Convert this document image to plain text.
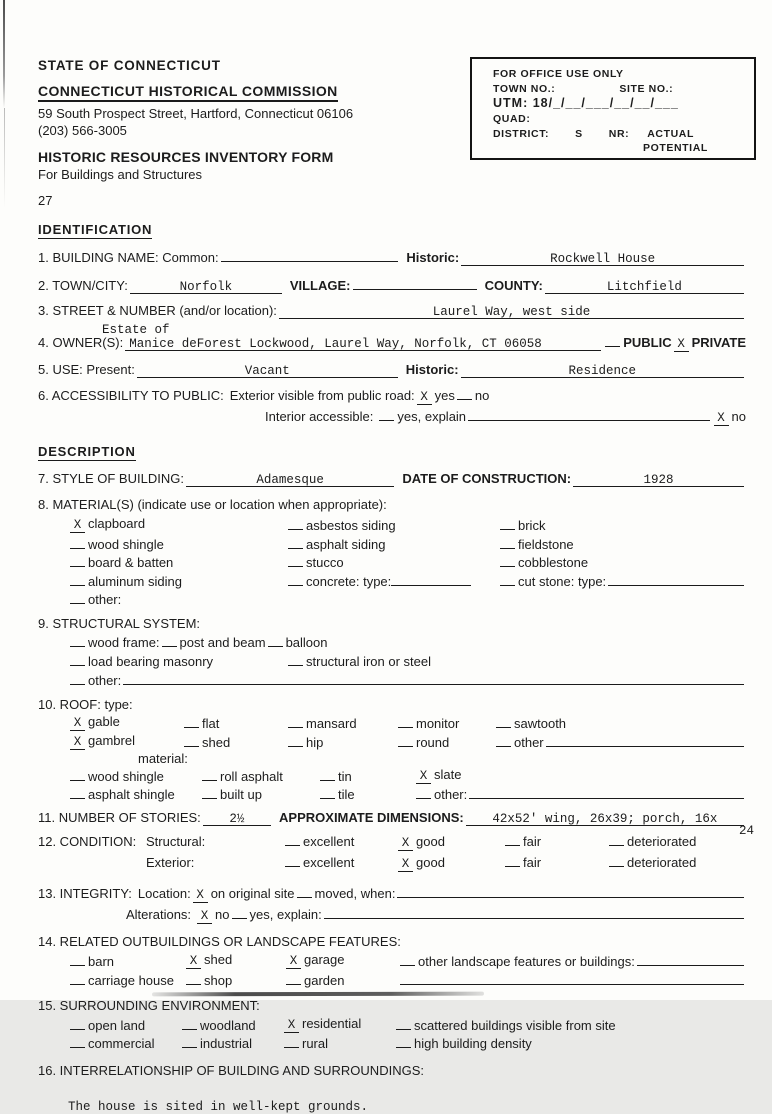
FOR OFFICE USE ONLY
TOWN NO.:	SITE NO.:
UTM: 18/_/__/___/__/__/___
QUAD:
DISTRICT: S NR: ACTUAL
POTENTIAL
STATE OF CONNECTICUT
CONNECTICUT HISTORICAL COMMISSION
59 South Prospect Street, Hartford, Connecticut 06106
(203) 566-3005
HISTORIC RESOURCES INVENTORY FORM
For Buildings and Structures
27
IDENTIFICATION
1. BUILDING NAME: Common:	Historic:	Rockwell House
2. TOWN/CITY:	Norfolk	VILLAGE:	COUNTY:	Litchfield
3. STREET & NUMBER (and/or location):	Laurel Way, west side
Estate of
4. OWNER(S): Manice deForest Lockwood, Laurel Way, Norfolk, CT 06058	PUBLIC X PRIVATE
5. USE: Present:	Vacant	Historic:	Residence
6. ACCESSIBILITY TO PUBLIC: Exterior visible from public road: X yes no
Interior accessible: yes, explain	X no
DESCRIPTION
7. STYLE OF BUILDING:	Adamesque	DATE OF CONSTRUCTION:	1928
8. MATERIAL(S) (indicate use or location when appropriate):
X clapboard	asbestos siding	brick
wood shingle	asphalt siding	fieldstone
board & batten	stucco	cobblestone
aluminum siding	concrete: type:	cut stone: type:
other:
9. STRUCTURAL SYSTEM:
wood frame: post and beam balloon
load bearing masonry	structural iron or steel
other:
10. ROOF: type:
X gable	flat	mansard	monitor	sawtooth
X gambrel	shed	hip	round	other
material:
wood shingle	roll asphalt	tin	X slate
asphalt shingle	built up	tile	other:
11. NUMBER OF STORIES:	2½	APPROXIMATE DIMENSIONS:	42x52' wing, 26x39; porch, 16x
24
12. CONDITION: Structural:	excellent	X good	fair	deteriorated
Exterior:	excellent	X good	fair	deteriorated
13. INTEGRITY: Location: X on original site moved, when:
Alterations: X no yes, explain:
14. RELATED OUTBUILDINGS OR LANDSCAPE FEATURES:
barn	X shed	X garage	other landscape features or buildings:
carriage house shop	garden
15. SURROUNDING ENVIRONMENT:
open land	woodland	X residential	scattered buildings visible from site
commercial	industrial	rural	high building density
16. INTERRELATIONSHIP OF BUILDING AND SURROUNDINGS:
The house is sited in well-kept grounds.
